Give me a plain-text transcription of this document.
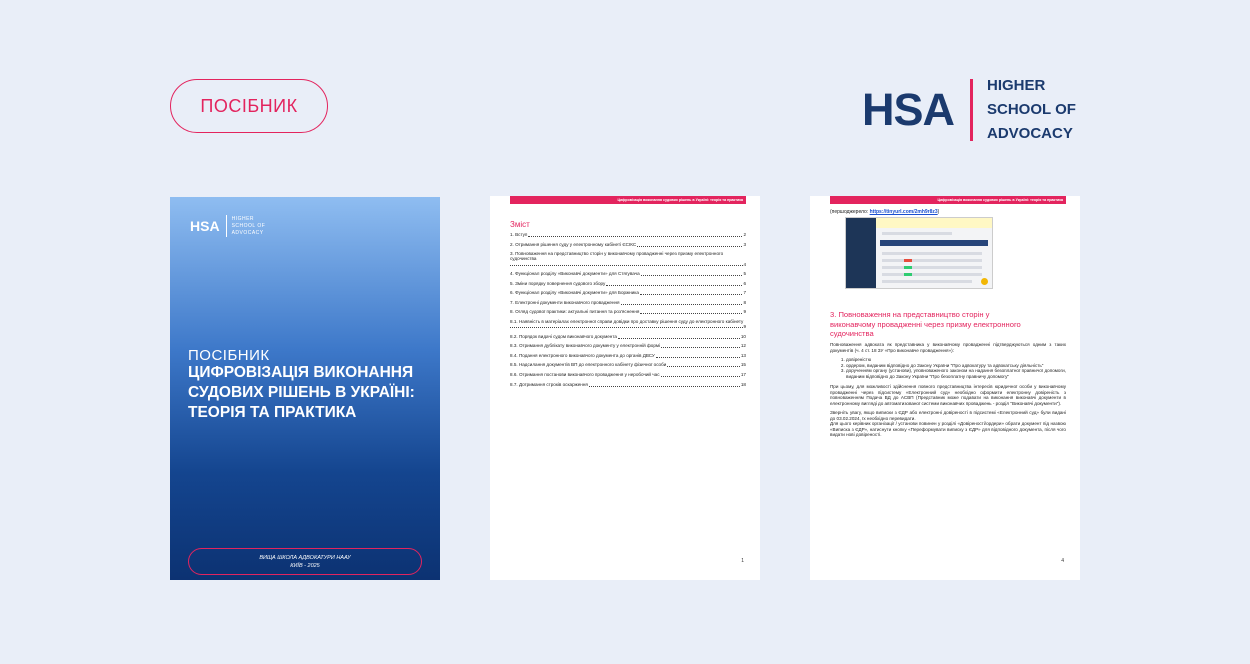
ПОСІБНИК	HSA HIGHER
SCHOOL OF
ADVOCACY
HSA HIGHER
SCHOOL OF
ADVOCACY
ПОСІБНИК
ЦИФРОВІЗАЦІЯ ВИКОНАННЯ СУДОВИХ РІШЕНЬ В УКРАЇНІ: ТЕОРІЯ ТА ПРАКТИКА
ВИЩА ШКОЛА АДВОКАТУРИ НААУ
КИЇВ - 2025
Цифровізація виконання судових рішень в Україні: теорія та практика
Зміст
1. Вступ	2
2. Отримання рішення суду у електронному кабінеті ЄСІКС	3
3. Повноваження на представництво сторін у виконавчому провадженні через призму електронного судочинства
4
4. Функціонал розділу «Виконавчі документи» для Стягувача	5
5. Зміни порядку повернення судового збору	6
6. Функціонал розділу «Виконавчі документи» для Боржника	7
7. Електронні документи виконавчого провадження	8
8. Огляд судової практики: актуальні питання та роз'яснення	9
8.1. Наявність в матеріалах електронної справи довідки про доставку рішення суду до електронного кабінету
9
8.2. Порядок видачі судом виконавчого документа	10
8.3. Отримання дублікату виконавчого документу у електронній формі	12
8.4. Подання електронного виконавчого документа до органів ДВСУ	13
8.5. Надсилання документів ВП до електронного кабінету фізичної особи	15
8.6. Отримання постанови виконавчого провадження у неробочий час	17
8.7. Дотримання строків оскарження	18
1
Цифровізація виконання судових рішень в Україні: теорія та практика
(першоджерело: https://tinyurl.com/2mh9r8z3)
3. Повноваження на представництво сторін у виконавчому провадженні через призму електронного судочинства

Повноваження адвоката як представника у виконавчому провадженні підтверджуються одним з таких документів (ч. 4 ст. 18 ЗУ «Про виконавче провадження»):

1. довіреністю
2. ордером, виданим відповідно до Закону України "Про адвокатуру та адвокатську діяльність"
3. дорученням органу (установи), уповноваженого законом на надання безоплатної правничої допомоги, виданим відповідно до Закону України "Про безоплатну правничу допомогу"

При цьому, для можливості здійснення повного представництва інтересів юридичної особи у виконавчому провадженні через підсистему «Електронний суд» необхідно оформити електронну довіреність з повноваженням Подача ВД до АСВП (Представник може подавати на виконання виконавчі документи в електронному вигляді до автоматизованої системи виконавчих проваджень - розділ "Виконавчі документи").

Зверніть увагу, якщо виписки з ЄДР або електронні довіреності в підсистемі «Електронний суд» були видані до 03.02.2024, їх необхідно перевидати.

Для цього керівник організації / установи повинен у розділі «Довіреності/ордери» обрати документ під назвою «Виписка з ЄДР», натиснути кнопку «Переформувати виписку з ЄДР» для відповідного документа, після чого видати нові довіреності.

4
